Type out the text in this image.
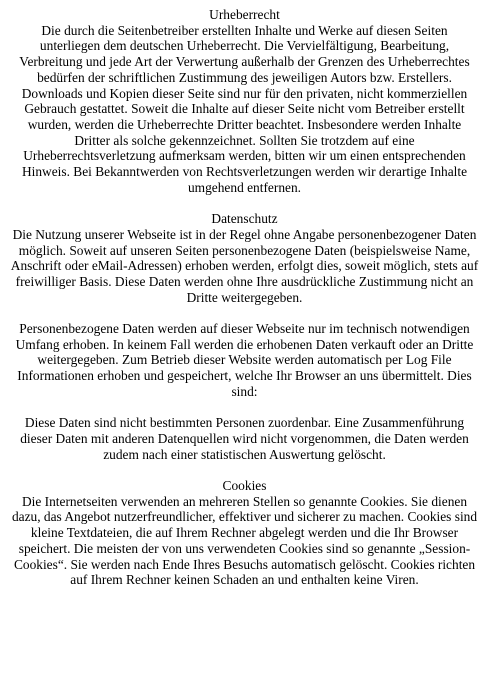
Urheberrecht
Die durch die Seitenbetreiber erstellten Inhalte und Werke auf diesen Seiten unterliegen dem deutschen Urheberrecht. Die Vervielfältigung, Bearbeitung, Verbreitung und jede Art der Verwertung außerhalb der Grenzen des Urheberrechtes bedürfen der schriftlichen Zustimmung des jeweiligen Autors bzw. Erstellers. Downloads und Kopien dieser Seite sind nur für den privaten, nicht kommerziellen Gebrauch gestattet. Soweit die Inhalte auf dieser Seite nicht vom Betreiber erstellt wurden, werden die Urheberrechte Dritter beachtet. Insbesondere werden Inhalte Dritter als solche gekennzeichnet. Sollten Sie trotzdem auf eine Urheberrechtsverletzung aufmerksam werden, bitten wir um einen entsprechenden Hinweis. Bei Bekanntwerden von Rechtsverletzungen werden wir derartige Inhalte umgehend entfernen.
Datenschutz
Die Nutzung unserer Webseite ist in der Regel ohne Angabe personenbezogener Daten möglich. Soweit auf unseren Seiten personenbezogene Daten (beispielsweise Name, Anschrift oder eMail-Adressen) erhoben werden, erfolgt dies, soweit möglich, stets auf freiwilliger Basis. Diese Daten werden ohne Ihre ausdrückliche Zustimmung nicht an Dritte weitergegeben.
Personenbezogene Daten werden auf dieser Webseite nur im technisch notwendigen Umfang erhoben. In keinem Fall werden die erhobenen Daten verkauft oder an Dritte weitergegeben. Zum Betrieb dieser Website werden automatisch per Log File Informationen erhoben und gespeichert, welche Ihr Browser an uns übermittelt. Dies sind:
Diese Daten sind nicht bestimmten Personen zuordenbar. Eine Zusammenführung dieser Daten mit anderen Datenquellen wird nicht vorgenommen, die Daten werden zudem nach einer statistischen Auswertung gelöscht.
Cookies
Die Internetseiten verwenden an mehreren Stellen so genannte Cookies. Sie dienen dazu, das Angebot nutzerfreundlicher, effektiver und sicherer zu machen. Cookies sind kleine Textdateien, die auf Ihrem Rechner abgelegt werden und die Ihr Browser speichert. Die meisten der von uns verwendeten Cookies sind so genannte „Session-Cookies“. Sie werden nach Ende Ihres Besuchs automatisch gelöscht. Cookies richten auf Ihrem Rechner keinen Schaden an und enthalten keine Viren.
